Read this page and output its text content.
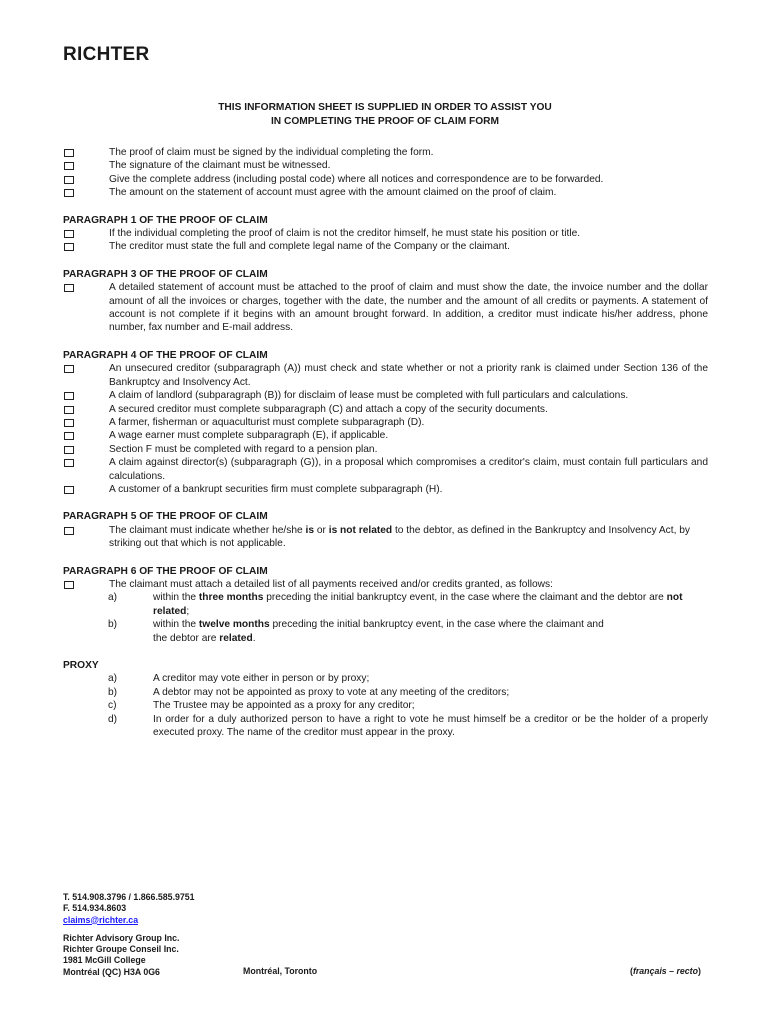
RICHTER
THIS INFORMATION SHEET IS SUPPLIED IN ORDER TO ASSIST YOU
IN COMPLETING THE PROOF OF CLAIM FORM
The proof of claim must be signed by the individual completing the form.
The signature of the claimant must be witnessed.
Give the complete address (including postal code) where all notices and correspondence are to be forwarded.
The amount on the statement of account must agree with the amount claimed on the proof of claim.
PARAGRAPH 1 OF THE PROOF OF CLAIM
If the individual completing the proof of claim is not the creditor himself, he must state his position or title.
The creditor must state the full and complete legal name of the Company or the claimant.
PARAGRAPH 3 OF THE PROOF OF CLAIM
A detailed statement of account must be attached to the proof of claim and must show the date, the invoice number and the dollar amount of all the invoices or charges, together with the date, the number and the amount of all credits or payments. A statement of account is not complete if it begins with an amount brought forward. In addition, a creditor must indicate his/her address, phone number, fax number and E-mail address.
PARAGRAPH 4 OF THE PROOF OF CLAIM
An unsecured creditor (subparagraph (A)) must check and state whether or not a priority rank is claimed under Section 136 of the Bankruptcy and Insolvency Act.
A claim of landlord (subparagraph (B)) for disclaim of lease must be completed with full particulars and calculations.
A secured creditor must complete subparagraph (C) and attach a copy of the security documents.
A farmer, fisherman or aquaculturist must complete subparagraph (D).
A wage earner must complete subparagraph (E), if applicable.
Section F must be completed with regard to a pension plan.
A claim against director(s) (subparagraph (G)), in a proposal which compromises a creditor's claim, must contain full particulars and calculations.
A customer of a bankrupt securities firm must complete subparagraph (H).
PARAGRAPH 5 OF THE PROOF OF CLAIM
The claimant must indicate whether he/she is or is not related to the debtor, as defined in the Bankruptcy and Insolvency Act, by striking out that which is not applicable.
PARAGRAPH 6 OF THE PROOF OF CLAIM
The claimant must attach a detailed list of all payments received and/or credits granted, as follows:
a)	within the three months preceding the initial bankruptcy event, in the case where the claimant and the debtor are not related;
b)	within the twelve months preceding the initial bankruptcy event, in the case where the claimant and
the debtor are related.
PROXY
a)	A creditor may vote either in person or by proxy;
b)	A debtor may not be appointed as proxy to vote at any meeting of the creditors;
c)	The Trustee may be appointed as a proxy for any creditor;
d)	In order for a duly authorized person to have a right to vote he must himself be a creditor or be the holder of a properly executed proxy. The name of the creditor must appear in the proxy.
T. 514.908.3796 / 1.866.585.9751
F. 514.934.8603
claims@richter.ca
Richter Advisory Group Inc.
Richter Groupe Conseil Inc.
1981 McGill College
Montréal (QC) H3A 0G6	Montréal, Toronto	(français – recto)
